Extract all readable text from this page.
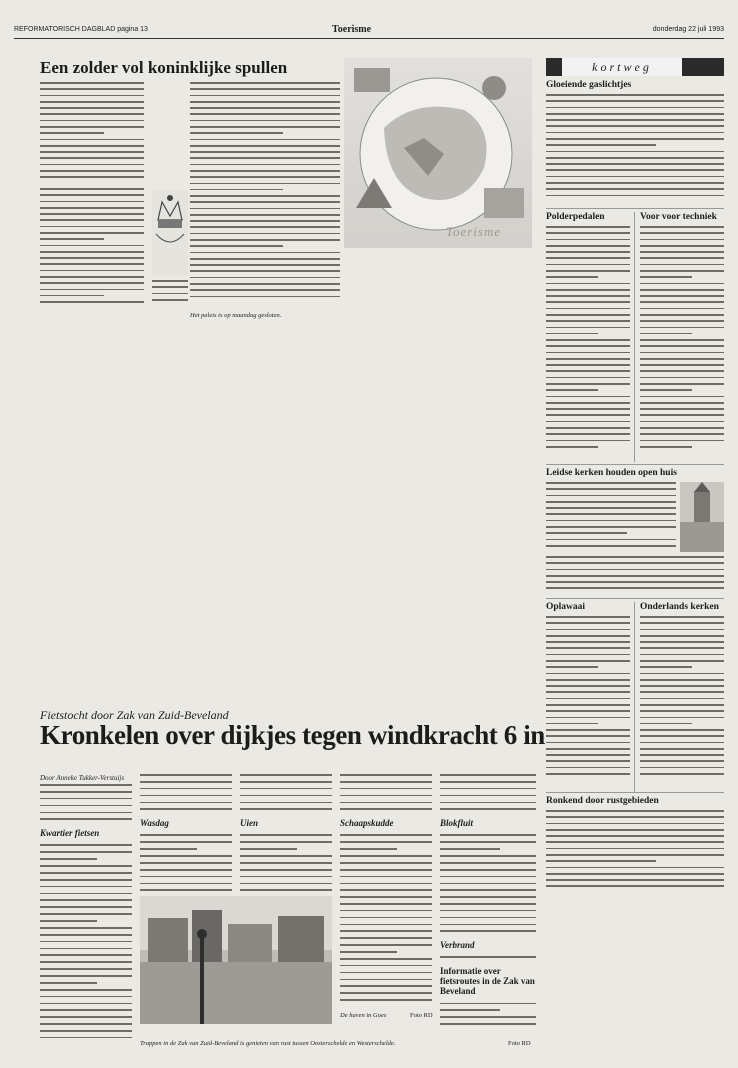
REFORMATORISCH DAGBLAD pagina 13	Toerisme	donderdag 22 juli 1993
Een zolder vol koninklijke spullen
Het paleis is op maandag gesloten.
Toerisme
kortweg
Gloeiende gaslichtjes
Polderpedalen	Voor voor techniek
Leidse kerken houden open huis
Oplawaai	Onderlands kerken
Ronkend door rustgebieden
Fietstocht door Zak van Zuid-Beveland
Kronkelen over dijkjes tegen windkracht 6 in
Door Anneke Tukker-Verstuijs
Kwartier fietsen
Wasdag	Uien	Schaapskudde	Blokfluit
De haven in Goes	Foto RD
Verbrand
Informatie over fietsroutes in de Zak van Beveland
Trappen in de Zak van Zuid-Beveland is genieten van rust tussen Oosterschelde en Westerschelde.	Foto RD
